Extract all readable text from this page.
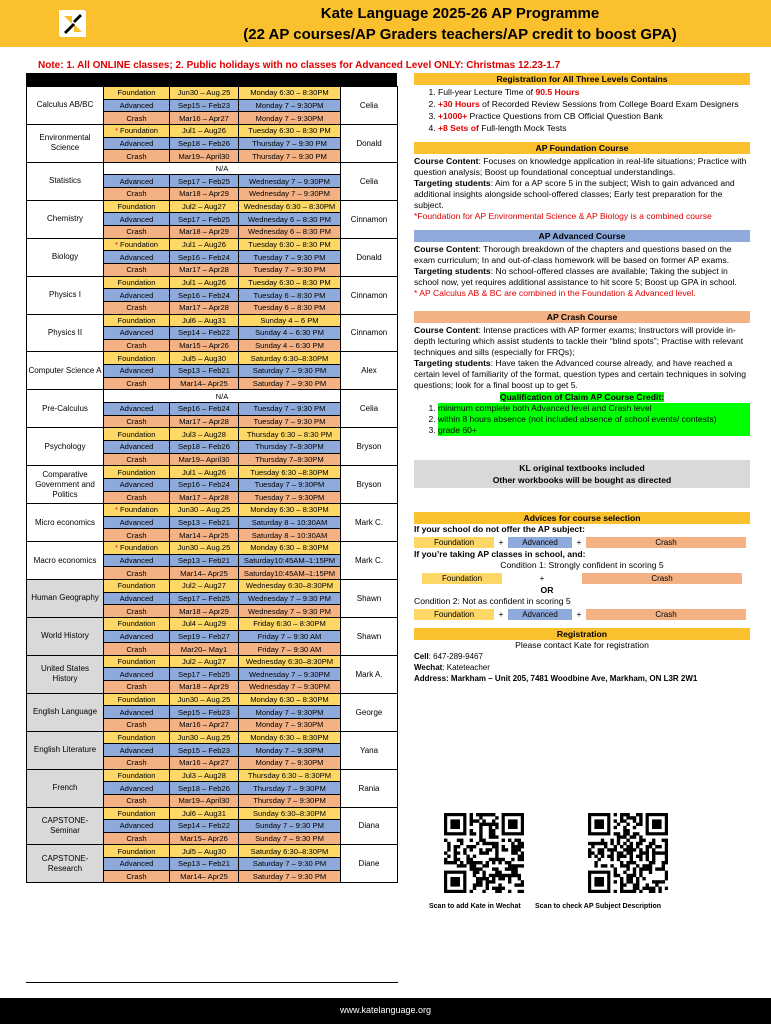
Kate Language 2025-26 AP Programme
(22 AP courses/AP Graders teachers/AP credit to boost GPA)
Note: 1. All ONLINE classes; 2. Public holidays with no classes for Advanced Level ONLY: Christmas 12.23-1.7
Calculus AB/BC	Foundation	Jun30 – Aug.25	Monday 6:30 – 8:30PM	Celia
	Advanced	Sep15 – Feb23	Monday 7 – 9:30PM	
	Crash	Mar16 – Apr27	Monday 7 – 9:30PM	
Environmental Science	* Foundation	Jul1 – Aug26	Tuesday 6:30 – 8:30 PM	Donald
	Advanced	Sep18 – Feb26	Thursday 7 – 9:30 PM	
	Crash	Mar19– April30	Thursday 7 – 9:30 PM	
Statistics	N/A			Celia
	Advanced	Sep17 – Feb25	Wednesday 7 – 9:30PM	
	Crash	Mar18 – Apr29	Wednesday 7 – 9:30PM	
Chemistry	Foundation	Jul2 – Aug27	Wednesday 6:30 – 8:30PM	Cinnamon
	Advanced	Sep17 – Feb25	Wednesday 6 – 8:30 PM	
	Crash	Mar18 – Apr29	Wednesday 6 – 8:30 PM	
Biology	* Foundation	Jul1 – Aug26	Tuesday 6:30 – 8:30 PM	Donald
	Advanced	Sep16 – Feb24	Tuesday 7 – 9:30 PM	
	Crash	Mar17 – Apr28	Tuesday 7 – 9:30 PM	
Physics I	Foundation	Jul1 – Aug26	Tuesday 6:30 – 8:30 PM	Cinnamon
	Advanced	Sep16 – Feb24	Tuesday 6 – 8:30 PM	
	Crash	Mar17 – Apr28	Tuesday 6 – 8:30 PM	
Physics II	Foundation	Jul6 – Aug31	Sunday 4 – 6 PM	Cinnamon
	Advanced	Sep14 – Feb22	Sunday 4 – 6:30 PM	
	Crash	Mar15 – Apr26	Sunday 4 – 6:30 PM	
Computer Science A	Foundation	Jul5 – Aug30	Saturday 6:30–8:30PM	Alex
	Advanced	Sep13 – Feb21	Saturday 7 – 9:30 PM	
	Crash	Mar14– Apr25	Saturday 7 – 9:30 PM	
Pre-Calculus	N/A			Celia
	Advanced	Sep16 – Feb24	Tuesday 7 – 9:30 PM	
	Crash	Mar17 – Apr28	Tuesday 7 – 9:30 PM	
Psychology	Foundation	Jul3 – Aug28	Thursday 6:30 – 8:30 PM	Bryson
	Advanced	Sep18 – Feb26	Thursday 7–9:30PM	
	Crash	Mar19– April30	Thursday 7–9:30PM	
Comparative Government and Politics	Foundation	Jul1 – Aug26	Tuesday 6:30 –8:30PM	Bryson
	Advanced	Sep16 – Feb24	Tuesday 7 – 9:30PM	
	Crash	Mar17 – Apr28	Tuesday 7 – 9:30PM	
Micro economics	* Foundation	Jun30 – Aug.25	Monday 6:30 – 8:30PM	Mark C.
	Advanced	Sep13 – Feb21	Saturday 8 – 10:30AM	
	Crash	Mar14 – Apr25	Saturday 8 – 10:30AM	
Macro economics	* Foundation	Jun30 – Aug.25	Monday 6:30 – 8:30PM	Mark C.
	Advanced	Sep13 – Feb21	Saturday10:45AM–1:15PM	
	Crash	Mar14– Apr25	Saturday10:45AM–1:15PM	
Human Geography	Foundation	Jul2 – Aug27	Wednesday 6:30–8:30PM	Shawn
	Advanced	Sep17 – Feb25	Wednesday 7 – 9:30 PM	
	Crash	Mar18 – Apr29	Wednesday 7 – 9:30 PM	
World History	Foundation	Jul4 – Aug29	Friday 6:30 – 8:30PM	Shawn
	Advanced	Sep19 – Feb27	Friday 7 – 9:30 AM	
	Crash	Mar20– May1	Friday 7 – 9:30 AM	
United States History	Foundation	Jul2 – Aug27	Wednesday 6:30–8:30PM	Mark A.
	Advanced	Sep17 – Feb25	Wednesday 7 – 9:30PM	
	Crash	Mar18 – Apr29	Wednesday 7 – 9:30PM	
English Language	Foundation	Jun30 – Aug.25	Monday 6:30 – 8:30PM	George
	Advanced	Sep15 – Feb23	Monday 7 – 9:30PM	
	Crash	Mar16 – Apr27	Monday 7 – 9:30PM	
English Literature	Foundation	Jun30 – Aug.25	Monday 6:30 – 8:30PM	Yana
	Advanced	Sep15 – Feb23	Monday 7 – 9:30PM	
	Crash	Mar16 – Apr27	Monday 7 – 9:30PM	
French	Foundation	Jul3 – Aug28	Thursday 6:30 – 8:30PM	Rania
	Advanced	Sep18 – Feb26	Thursday 7 – 9:30PM	
	Crash	Mar19– April30	Thursday 7 – 9:30PM	
CAPSTONE-Seminar	Foundation	Jul6 – Aug31	Sunday 6:30–8:30PM	Diana
	Advanced	Sep14 – Feb22	Sunday 7 – 9:30 PM	
	Crash	Mar15– Apr26	Sunday 7 – 9:30 PM	
CAPSTONE-Research	Foundation	Jul5 – Aug30	Saturday 6:30–8:30PM	Diane
	Advanced	Sep13 – Feb21	Saturday 7 – 9:30 PM	
	Crash	Mar14– Apr25	Saturday 7 – 9:30 PM	
Registration for All Three Levels Contains
1. Full-year Lecture Time of 90.5 Hours
2. +30 Hours of Recorded Review Sessions from College Board Exam Designers
3. +1000+ Practice Questions from CB Official Question Bank
4. +8 Sets of Full-length Mock Tests
AP Foundation Course
Course Content: Focuses on knowledge application in real-life situations; Practice with question analysis; Boost up foundational conceptual understandings.
Targeting students: Aim for a AP score 5 in the subject; Wish to gain advanced and additional insights alongside school-offered classes; Early test preparation for the subject.
*Foundation for AP Environmental Science & AP Biology is a combined course
AP Advanced Course
Course Content: Thorough breakdown of the chapters and questions based on the exam curriculum; In and out-of-class homework will be based on former AP exams.
Targeting students: No school-offered classes are available; Taking the subject in school now, yet requires additional assistance to hit score 5; Boost up GPA in school.
* AP Calculus AB & BC are combined in the Foundation & Advanced level.
AP Crash Course
Course Content: Intense practices with AP former exams; Instructors will provide in-depth lecturing which assist students to tackle their “blind spots”; Practise with relevant techniques and sills (especially for FRQs);
Targeting students: Have taken the Advanced course already, and have reached a certain level of familiarity of the format, question types and certain techniques in solving questions; look for a final boost up to get 5.
Qualification of Claim AP Course Credit:
1. minimum complete both Advanced level and Crash level
2. within 8 hours absence (not included absence of school events/ contests)
3. grade 60+
KL original textbooks included
Other workbooks will be bought as directed
Advices for course selection
If your school do not offer the AP subject:
Foundation	+	Advanced	+	Crash
If you’re taking AP classes in school, and:
Condition 1: Strongly confident in scoring 5
Foundation	+	Crash
OR
Condition 2: Not as confident in scoring 5
Foundation	+	Advanced	+	Crash
Registration
Please contact Kate for registration
Cell: 647-289-9467
Wechat: Kateteacher
Address: Markham – Unit 205, 7481 Woodbine Ave, Markham, ON L3R 2W1
Scan to add Kate in Wechat Scan to check AP Subject Description
www.katelanguage.org
